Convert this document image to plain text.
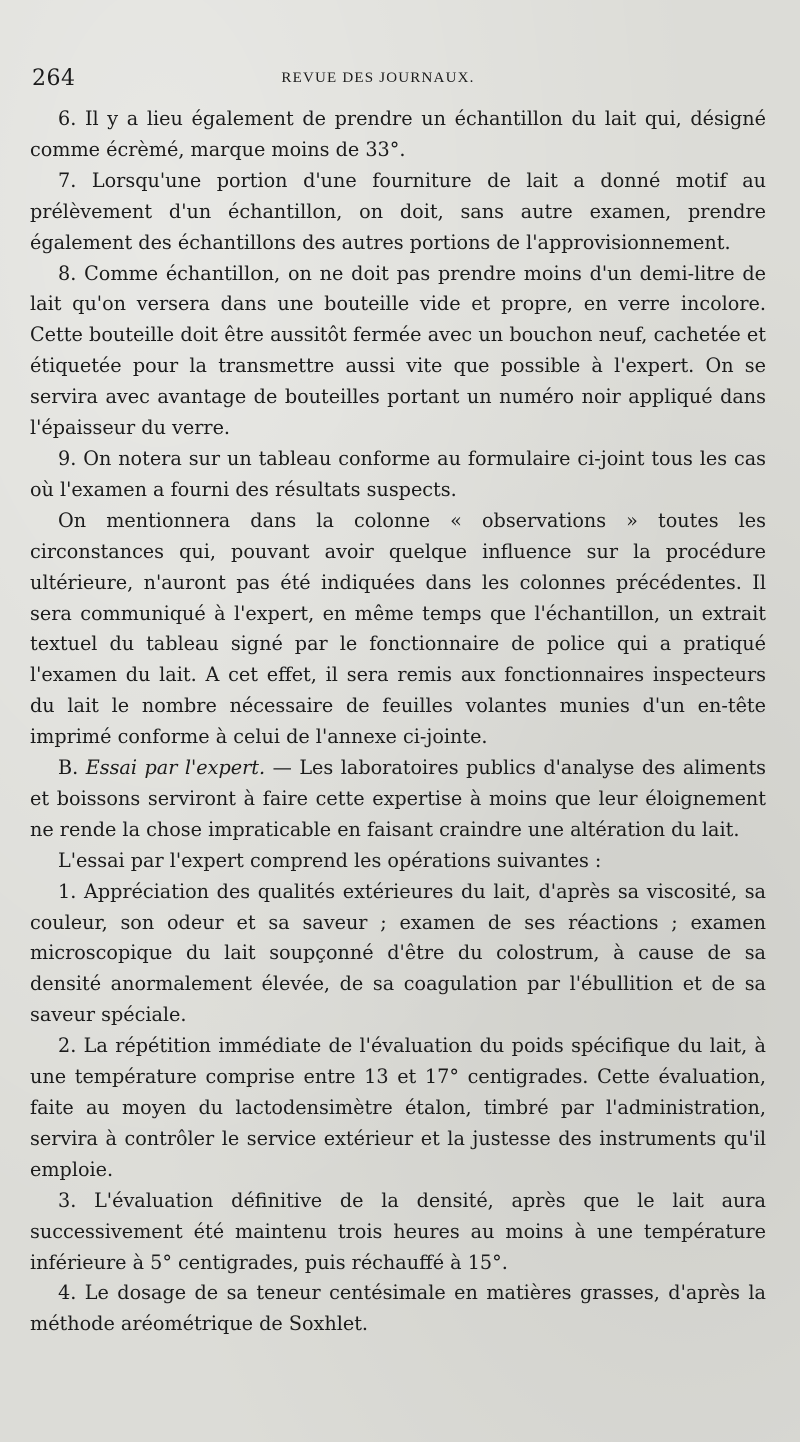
264	REVUE DES JOURNAUX.

6. Il y a lieu également de prendre un échantillon du lait qui, désigné comme écrèmé, marque moins de 33°.

7. Lorsqu'une portion d'une fourniture de lait a donné motif au prélèvement d'un échantillon, on doit, sans autre examen, prendre également des échantillons des autres portions de l'approvisionnement.

8. Comme échantillon, on ne doit pas prendre moins d'un demi-litre de lait qu'on versera dans une bouteille vide et propre, en verre incolore. Cette bouteille doit être aussitôt fermée avec un bouchon neuf, cachetée et étiquetée pour la transmettre aussi vite que possible à l'expert. On se servira avec avantage de bouteilles portant un numéro noir appliqué dans l'épaisseur du verre.

9. On notera sur un tableau conforme au formulaire ci-joint tous les cas où l'examen a fourni des résultats suspects.

On mentionnera dans la colonne « observations » toutes les circonstances qui, pouvant avoir quelque influence sur la procédure ultérieure, n'auront pas été indiquées dans les colonnes précédentes. Il sera communiqué à l'expert, en même temps que l'échantillon, un extrait textuel du tableau signé par le fonctionnaire de police qui a pratiqué l'examen du lait. A cet effet, il sera remis aux fonctionnaires inspecteurs du lait le nombre nécessaire de feuilles volantes munies d'un en-tête imprimé conforme à celui de l'annexe ci-jointe.

B. Essai par l'expert. — Les laboratoires publics d'analyse des aliments et boissons serviront à faire cette expertise à moins que leur éloignement ne rende la chose impraticable en faisant craindre une altération du lait.

L'essai par l'expert comprend les opérations suivantes :

1. Appréciation des qualités extérieures du lait, d'après sa viscosité, sa couleur, son odeur et sa saveur ; examen de ses réactions ; examen microscopique du lait soupçonné d'être du colostrum, à cause de sa densité anormalement élevée, de sa coagulation par l'ébullition et de sa saveur spéciale.

2. La répétition immédiate de l'évaluation du poids spécifique du lait, à une température comprise entre 13 et 17° centigrades. Cette évaluation, faite au moyen du lactodensimètre étalon, timbré par l'administration, servira à contrôler le service extérieur et la justesse des instruments qu'il emploie.

3. L'évaluation définitive de la densité, après que le lait aura successivement été maintenu trois heures au moins à une température inférieure à 5° centigrades, puis réchauffé à 15°.

4. Le dosage de sa teneur centésimale en matières grasses, d'après la méthode aréométrique de Soxhlet.
